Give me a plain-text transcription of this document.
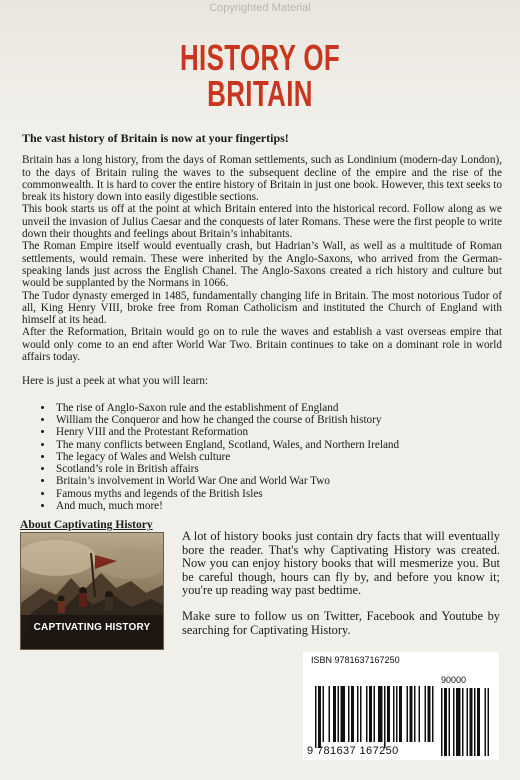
Copyrighted Material
HISTORY OF
BRITAIN
The vast history of Britain is now at your fingertips!

Britain has a long history, from the days of Roman settlements, such as Londinium (modern-day London), to the days of Britain ruling the waves to the subsequent decline of the empire and the rise of the commonwealth. It is hard to cover the entire history of Britain in just one book. However, this text seeks to break its history down into easily digestible sections.

This book starts us off at the point at which Britain entered into the historical record. Follow along as we unveil the invasion of Julius Caesar and the conquests of later Romans. These were the first people to write down their thoughts and feelings about Britain’s inhabitants.

The Roman Empire itself would eventually crash, but Hadrian’s Wall, as well as a multitude of Roman settlements, would remain. These were inherited by the Anglo-Saxons, who arrived from the German-speaking lands just across the English Chanel. The Anglo-Saxons created a rich history and culture but would be supplanted by the Normans in 1066.

The Tudor dynasty emerged in 1485, fundamentally changing life in Britain. The most notorious Tudor of all, King Henry VIII, broke free from Roman Catholicism and instituted the Church of England with himself at its head.

After the Reformation, Britain would go on to rule the waves and establish a vast overseas empire that would only come to an end after World War Two. Britain continues to take on a dominant role in world affairs today.

Here is just a peek at what you will learn:

• The rise of Anglo-Saxon rule and the establishment of England
• William the Conqueror and how he changed the course of British history
• Henry VIII and the Protestant Reformation
• The many conflicts between England, Scotland, Wales, and Northern Ireland
• The legacy of Wales and Welsh culture
• Scotland’s role in British affairs
• Britain’s involvement in World War One and World War Two
• Famous myths and legends of the British Isles
• And much, much more!
About Captivating History
CAPTIVATING HISTORY

A lot of history books just contain dry facts that will eventually bore the reader. That's why Captivating History was created. Now you can enjoy history books that will mesmerize you. But be careful though, hours can fly by, and before you know it; you're up reading way past bedtime.

Make sure to follow us on Twitter, Facebook and Youtube by searching for Captivating History.

ISBN 9781637167250
90000
9 781637 167250
